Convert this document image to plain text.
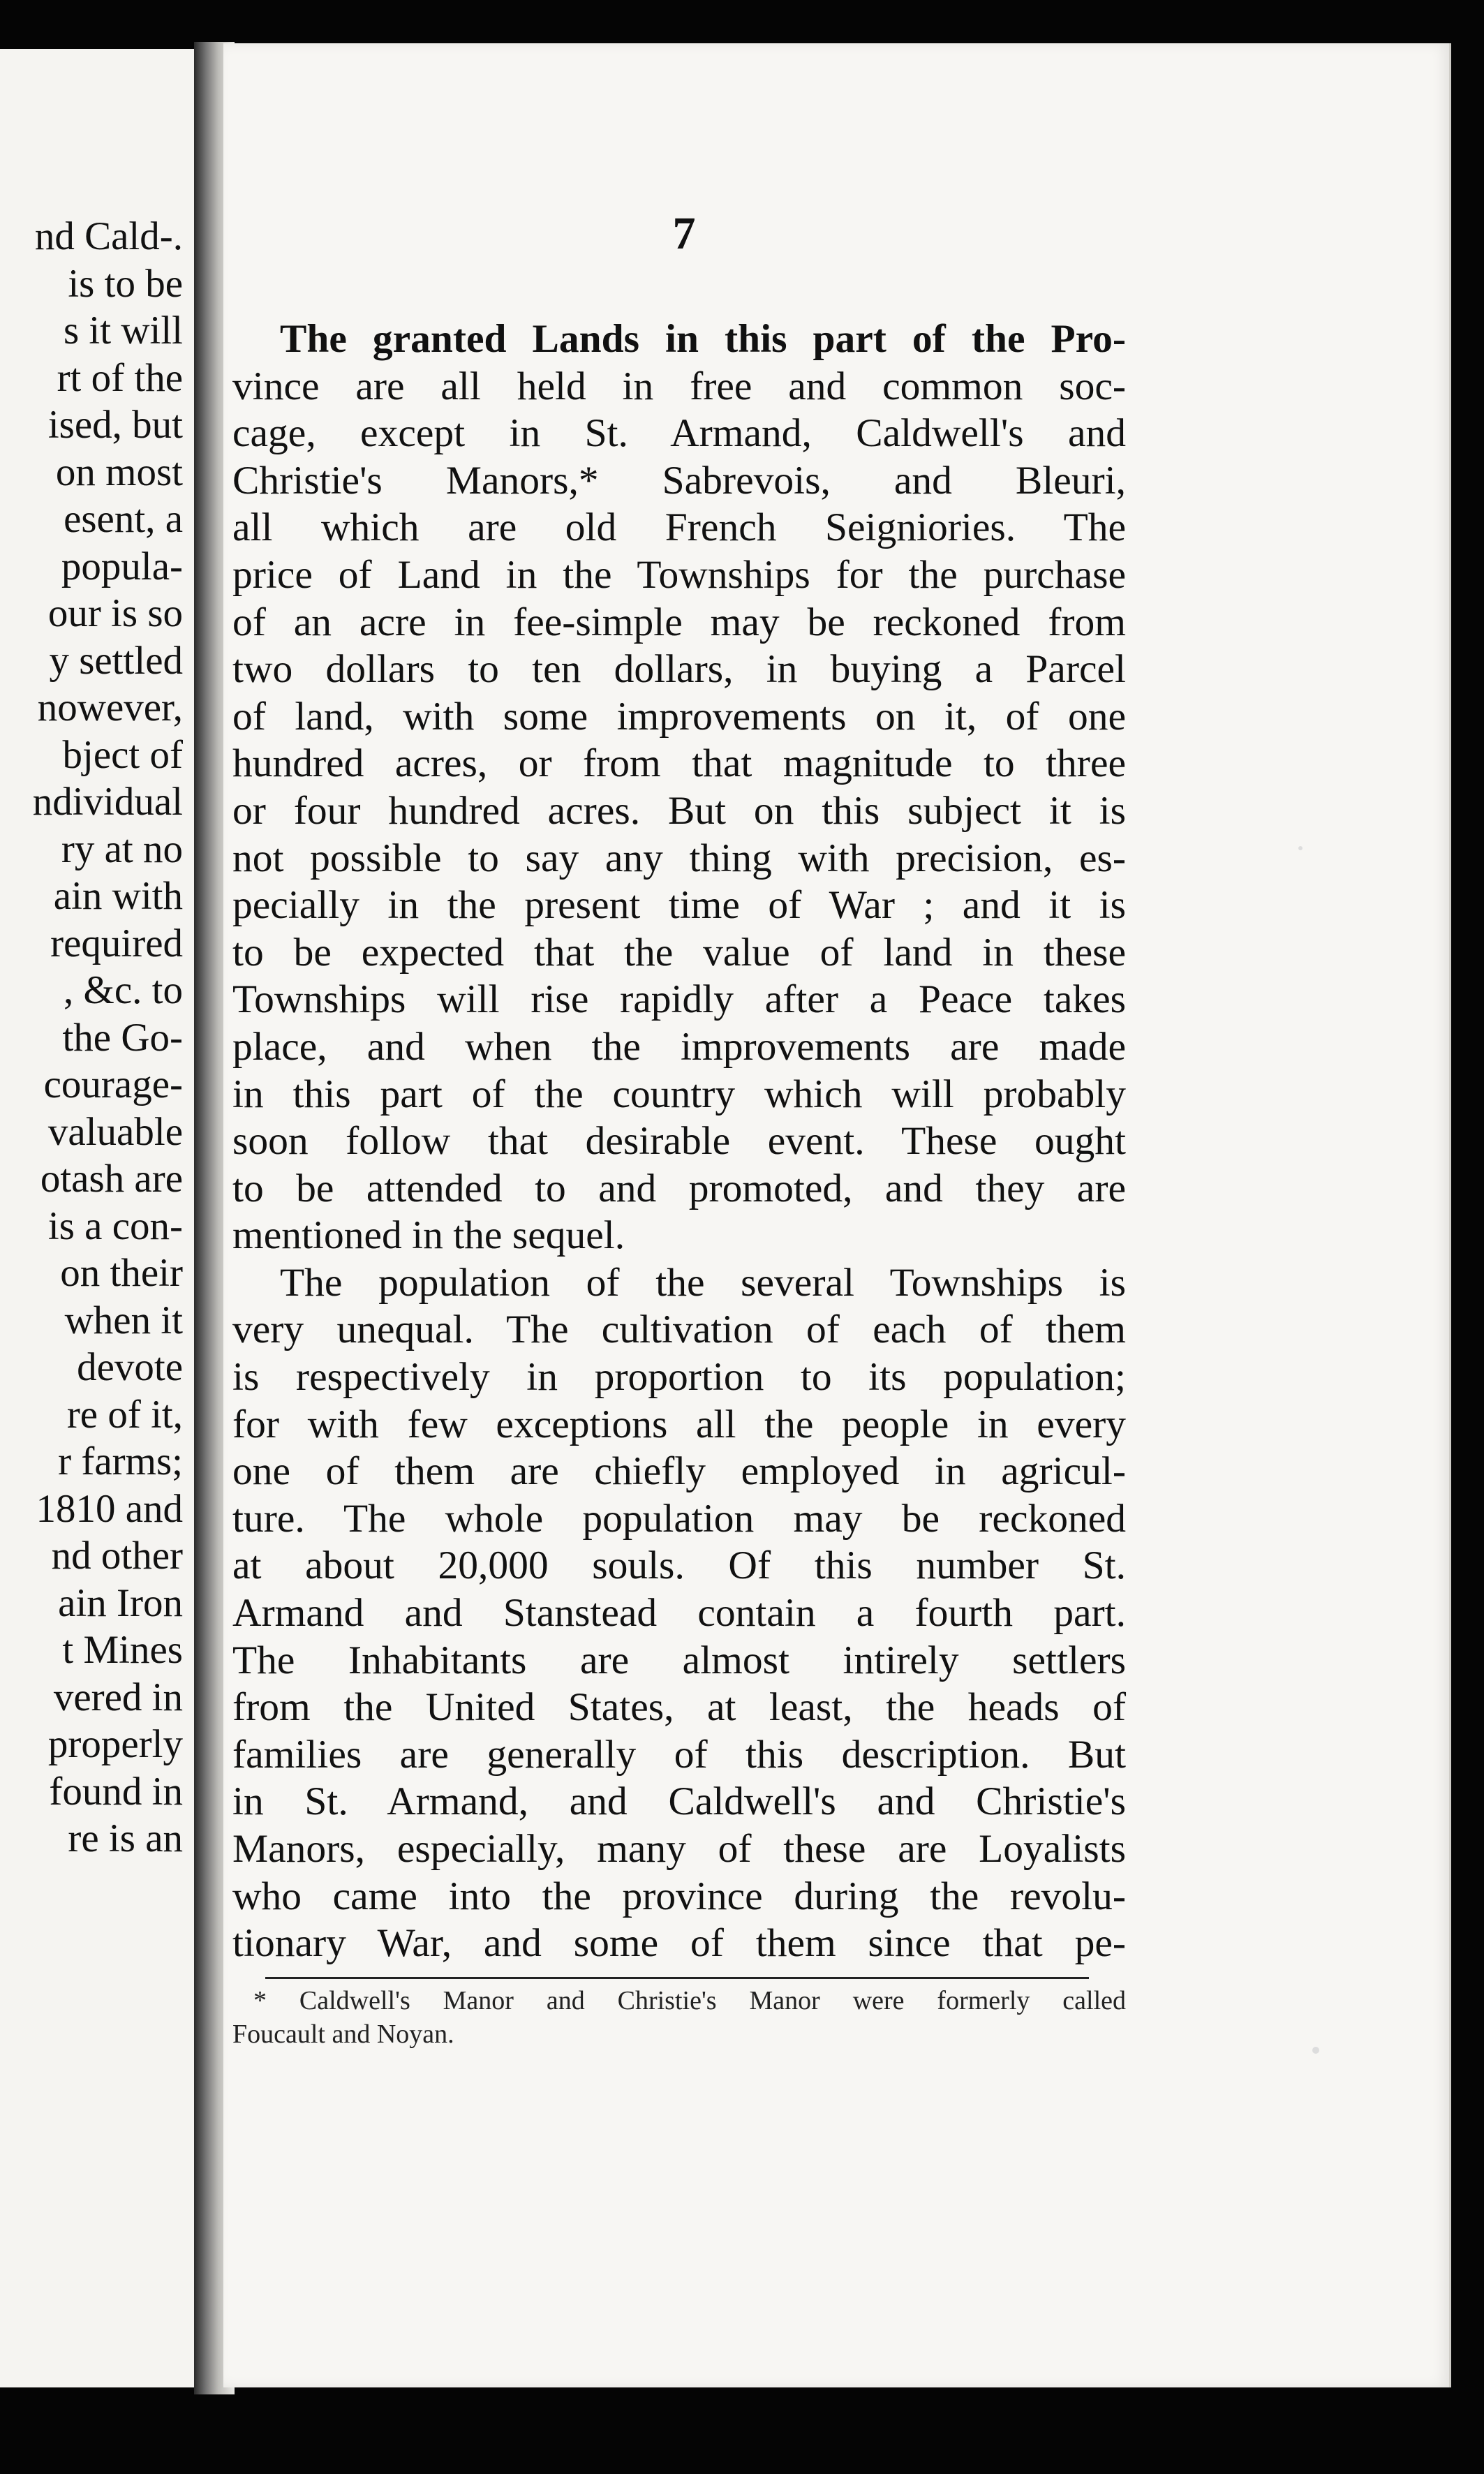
nd Cald-.
is to be
s it will
rt of the
ised, but
on most
esent, a
popula-
our is so
y settled
nowever,
bject of
ndividual
ry at no
ain with
required
, &c. to
the Go-
courage-
valuable
otash are
is a con-
on their
when it
devote
re of it,
r farms;
1810 and
nd other
ain Iron
t Mines
vered in
properly
found in
re is an
7
The granted Lands in this part of the Pro-
vince are all held in free and common soc-
cage, except in St. Armand, Caldwell's and
Christie's Manors,* Sabrevois, and Bleuri,
all which are old French Seigniories. The
price of Land in the Townships for the purchase
of an acre in fee-simple may be reckoned from
two dollars to ten dollars, in buying a Parcel
of land, with some improvements on it, of one
hundred acres, or from that magnitude to three
or four hundred acres. But on this subject it is
not possible to say any thing with precision, es-
pecially in the present time of War ; and it is
to be expected that the value of land in these
Townships will rise rapidly after a Peace takes
place, and when the improvements are made
in this part of the country which will probably
soon follow that desirable event. These ought
to be attended to and promoted, and they are
mentioned in the sequel.
The population of the several Townships is
very unequal. The cultivation of each of them
is respectively in proportion to its population;
for with few exceptions all the people in every
one of them are chiefly employed in agricul-
ture. The whole population may be reckoned
at about 20,000 souls. Of this number St.
Armand and Stanstead contain a fourth part.
The Inhabitants are almost intirely settlers
from the United States, at least, the heads of
families are generally of this description. But
in St. Armand, and Caldwell's and Christie's
Manors, especially, many of these are Loyalists
who came into the province during the revolu-
tionary War, and some of them since that pe-
* Caldwell's Manor and Christie's Manor were formerly called
Foucault and Noyan.
